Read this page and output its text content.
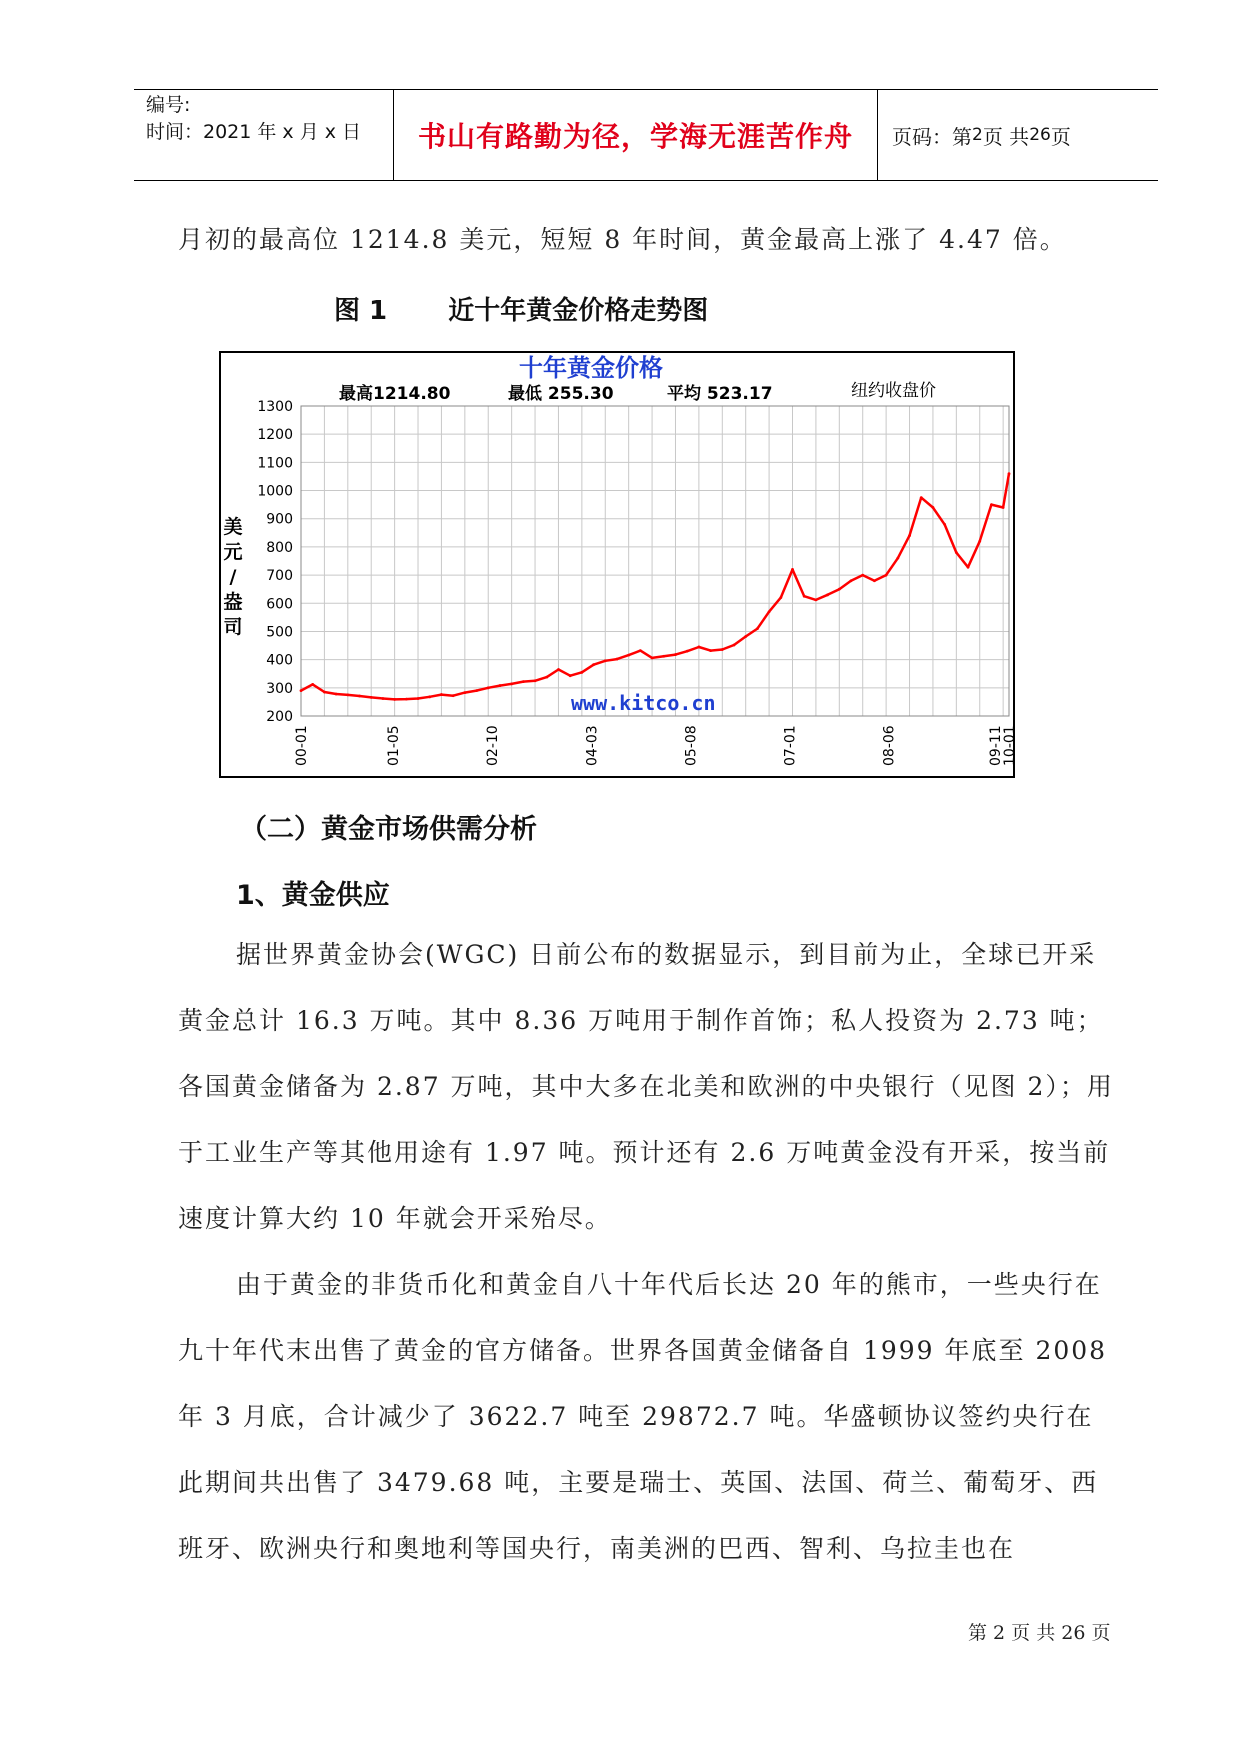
编号:
时间：2021 年 x 月 x 日	书山有路勤为径，学海无涯苦作舟	页码：第 2 页 共 26 页
月初的最高位 1214.8 美元，短短 8 年时间，黄金最高上涨了 4.47 倍。
图 1　　 近十年黄金价格走势图
十年黄金价格
最高1214.80	最低 255.30	平均 523.17	纽约收盘价
1300
1200
1100
1000
900
800
700
600
500
400
300
200
美
元
/
盎
司
00-01	01-05	02-10	04-03	05-08	07-01	08-06	09-11
10-01
www.kitco.cn
（二）黄金市场供需分析
1、黄金供应
据世界黄金协会(WGC) 日前公布的数据显示，到目前为止，全球已开采黄金总计 16.3 万吨。其中 8.36 万吨用于制作首饰；私人投资为 2.73 吨；各国黄金储备为 2.87 万吨，其中大多在北美和欧洲的中央银行（见图 2）；用于工业生产等其他用途有 1.97 吨。预计还有 2.6 万吨黄金没有开采，按当前速度计算大约 10 年就会开采殆尽。
由于黄金的非货币化和黄金自八十年代后长达 20 年的熊市，一些央行在九十年代末出售了黄金的官方储备。世界各国黄金储备自 1999 年底至 2008 年 3 月底，合计减少了 3622.7 吨至 29872.7 吨。华盛顿协议签约央行在此期间共出售了 3479.68 吨，主要是瑞士、英国、法国、荷兰、葡萄牙、西班牙、欧洲央行和奥地利等国央行，南美洲的巴西、智利、乌拉圭也在
第 2 页 共 26 页
